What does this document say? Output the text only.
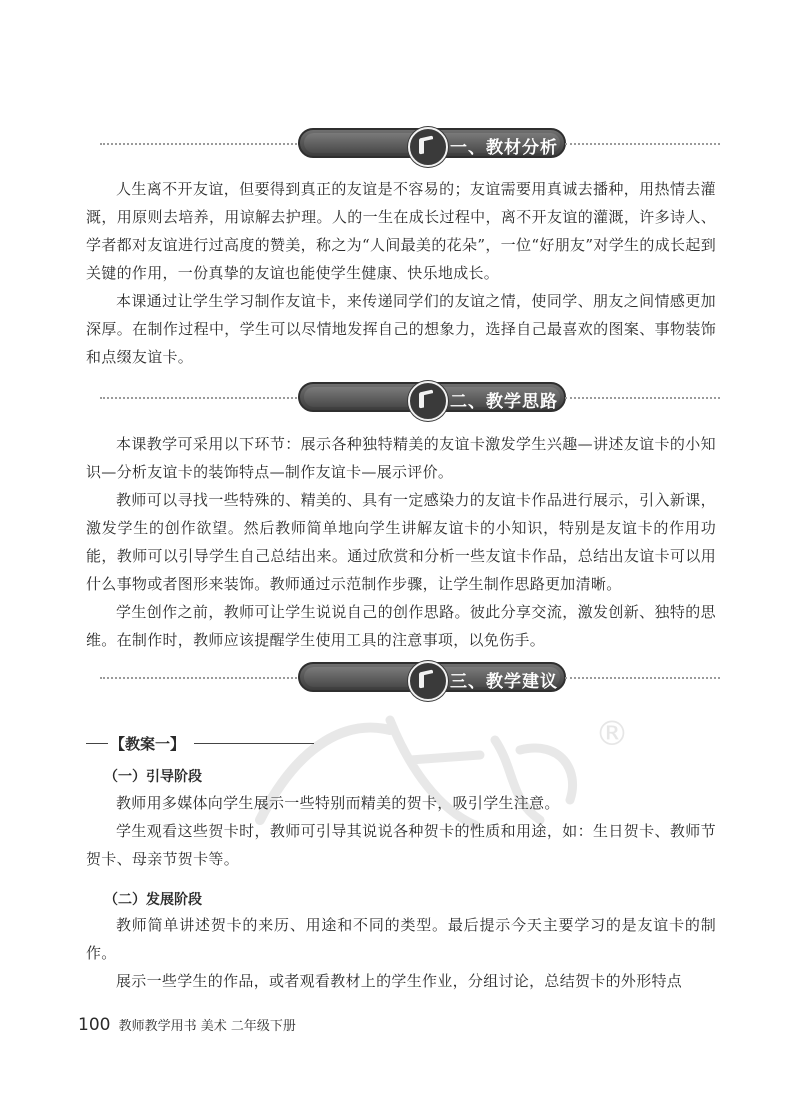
®
一、教材分析

人生离不开友谊，但要得到真正的友谊是不容易的；友谊需要用真诚去播种，用热情去灌溉，用原则去培养，用谅解去护理。人的一生在成长过程中，离不开友谊的灌溉，许多诗人、学者都对友谊进行过高度的赞美，称之为“人间最美的花朵”，一位“好朋友”对学生的成长起到关键的作用，一份真挚的友谊也能使学生健康、快乐地成长。

本课通过让学生学习制作友谊卡，来传递同学们的友谊之情，使同学、朋友之间情感更加深厚。在制作过程中，学生可以尽情地发挥自己的想象力，选择自己最喜欢的图案、事物装饰和点缀友谊卡。

二、教学思路

本课教学可采用以下环节：展示各种独特精美的友谊卡激发学生兴趣—讲述友谊卡的小知识—分析友谊卡的装饰特点—制作友谊卡—展示评价。

教师可以寻找一些特殊的、精美的、具有一定感染力的友谊卡作品进行展示，引入新课，激发学生的创作欲望。然后教师简单地向学生讲解友谊卡的小知识，特别是友谊卡的作用功能，教师可以引导学生自己总结出来。通过欣赏和分析一些友谊卡作品，总结出友谊卡可以用什么事物或者图形来装饰。教师通过示范制作步骤，让学生制作思路更加清晰。

学生创作之前，教师可让学生说说自己的创作思路。彼此分享交流，激发创新、独特的思维。在制作时，教师应该提醒学生使用工具的注意事项，以免伤手。

三、教学建议
【教案一】
（一）引导阶段

教师用多媒体向学生展示一些特别而精美的贺卡，吸引学生注意。

学生观看这些贺卡时，教师可引导其说说各种贺卡的性质和用途，如：生日贺卡、教师节贺卡、母亲节贺卡等。

（二）发展阶段

教师简单讲述贺卡的来历、用途和不同的类型。最后提示今天主要学习的是友谊卡的制作。

展示一些学生的作品，或者观看教材上的学生作业，分组讨论，总结贺卡的外形特点

100 教师教学用书 美术 二年级下册
